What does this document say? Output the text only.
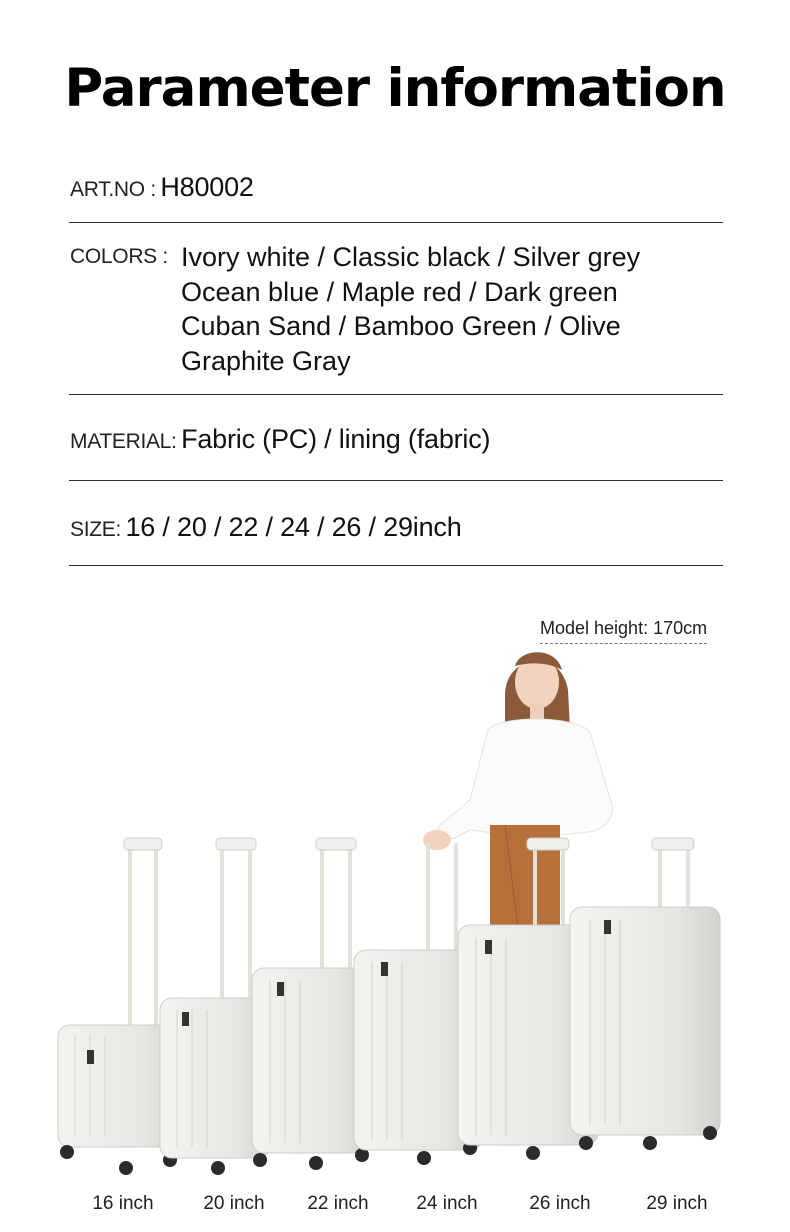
Parameter information
ART.NO : H80002
COLORS : Ivory white / Classic black / Silver grey
Ocean blue / Maple red / Dark green
Cuban Sand / Bamboo Green / Olive
Graphite Gray
MATERIAL: Fabric (PC) / lining (fabric)
SIZE: 16 / 20 / 22 / 24 / 26 / 29inch
Model height: 170cm
16 inch	20 inch	22 inch	24 inch	26 inch	29 inch
